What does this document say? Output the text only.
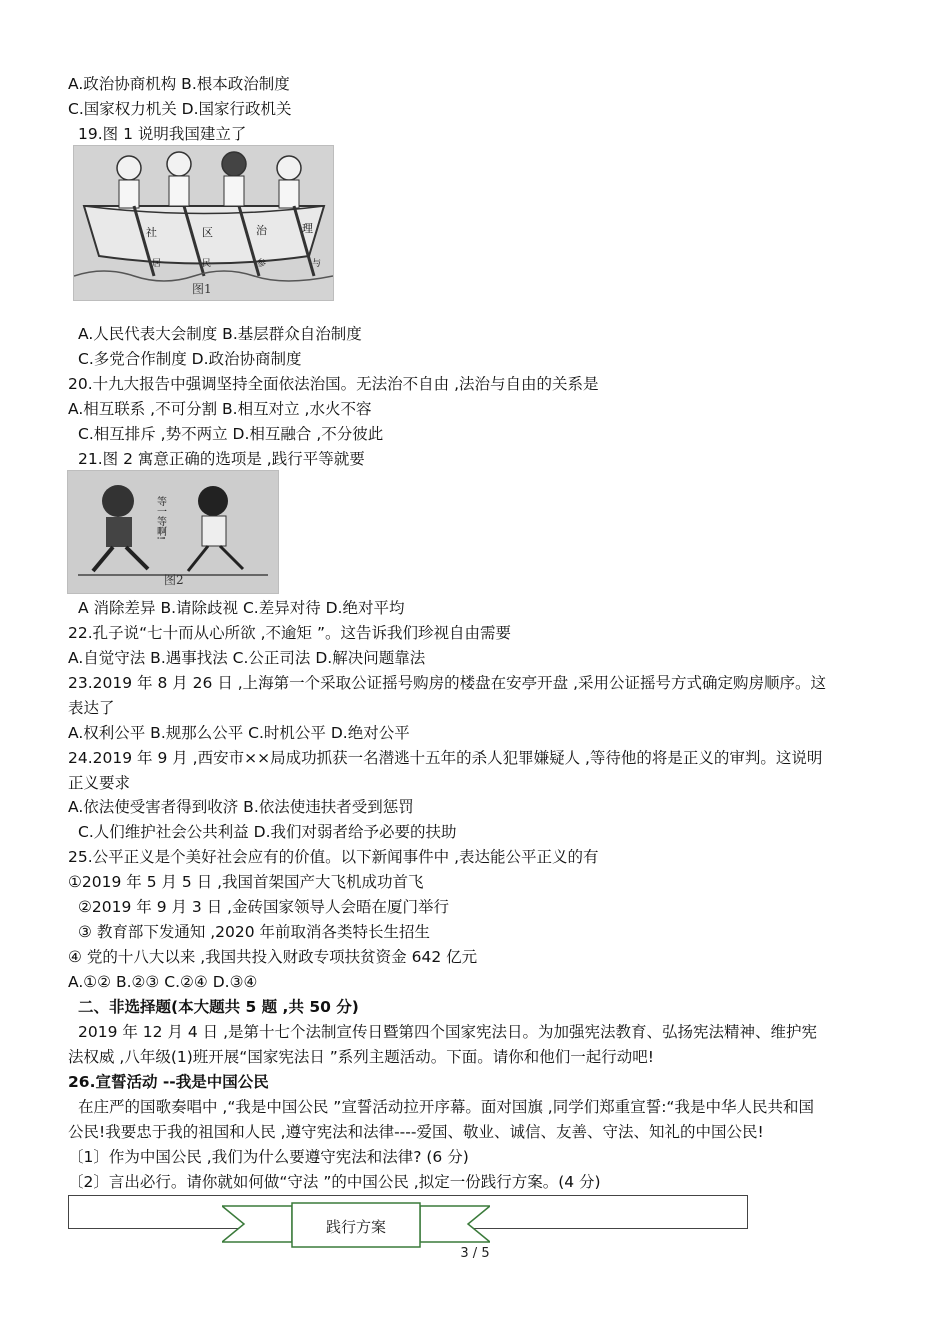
A.政治协商机构 B.根本政治制度
C.国家权力机关 D.国家行政机关
19.图 1 说明我国建立了
社	区	治	理
居	民	参	与
图1
A.人民代表大会制度 B.基层群众自治制度
C.多党合作制度 D.政治协商制度
20.十九大报告中强调坚持全面依法治国。无法治不自由 ,法治与自由的关系是
A.相互联系 ,不可分割 B.相互对立 ,水火不容
C.相互排斥 ,势不两立 D.相互融合 ,不分彼此
21.图 2 寓意正确的选项是 ,践行平等就要
等一等啊!
图2
A 消除差异 B.请除歧视 C.差异对待 D.绝对平均
22.孔子说“七十而从心所欲 ,不逾矩 ”。这告诉我们珍视自由需要
A.自觉守法 B.遇事找法 C.公正司法 D.解决问题靠法
23.2019 年 8 月 26 日 ,上海第一个采取公证摇号购房的楼盘在安亭开盘 ,采用公证摇号方式确定购房顺序。这
表达了
A.权利公平 B.规那么公平 C.时机公平 D.绝对公平
24.2019 年 9 月 ,西安市××局成功抓获一名潜逃十五年的杀人犯罪嫌疑人 ,等待他的将是正义的审判。这说明
正义要求
A.依法使受害者得到收济 B.依法使违扶者受到惩罚
C.人们维护社会公共利益 D.我们对弱者给予必要的扶助
25.公平正义是个美好社会应有的价值。以下新闻事件中 ,表达能公平正义的有
①2019 年 5 月 5 日 ,我国首架国产大飞机成功首飞
②2019 年 9 月 3 日 ,金砖国家领导人会晤在厦门举行
③ 教育部下发通知 ,2020 年前取消各类特长生招生
④ 党的十八大以来 ,我国共投入财政专项扶贫资金 642 亿元
A.①② B.②③ C.②④ D.③④
二、非选择题(本大题共 5 题 ,共 50 分)
2019 年 12 月 4 日 ,是第十七个法制宣传日暨第四个国家宪法日。为加强宪法教育、弘扬宪法精神、维护宪
法权威 ,八年级(1)班开展“国家宪法日 ”系列主题活动。下面。请你和他们一起行动吧!
26.宣誓活动 --我是中国公民
在庄严的国歌奏唱中 ,“我是中国公民 ”宣誓活动拉开序幕。面对国旗 ,同学们郑重宣誓:“我是中华人民共和国
公民!我要忠于我的祖国和人民 ,遵守宪法和法律----爱国、敬业、诚信、友善、守法、知礼的中国公民!
〔1〕作为中国公民 ,我们为什么要遵守宪法和法律? (6 分)
〔2〕言出必行。请你就如何做“守法 ”的中国公民 ,拟定一份践行方案。(4 分)
践行方案
3 / 5
